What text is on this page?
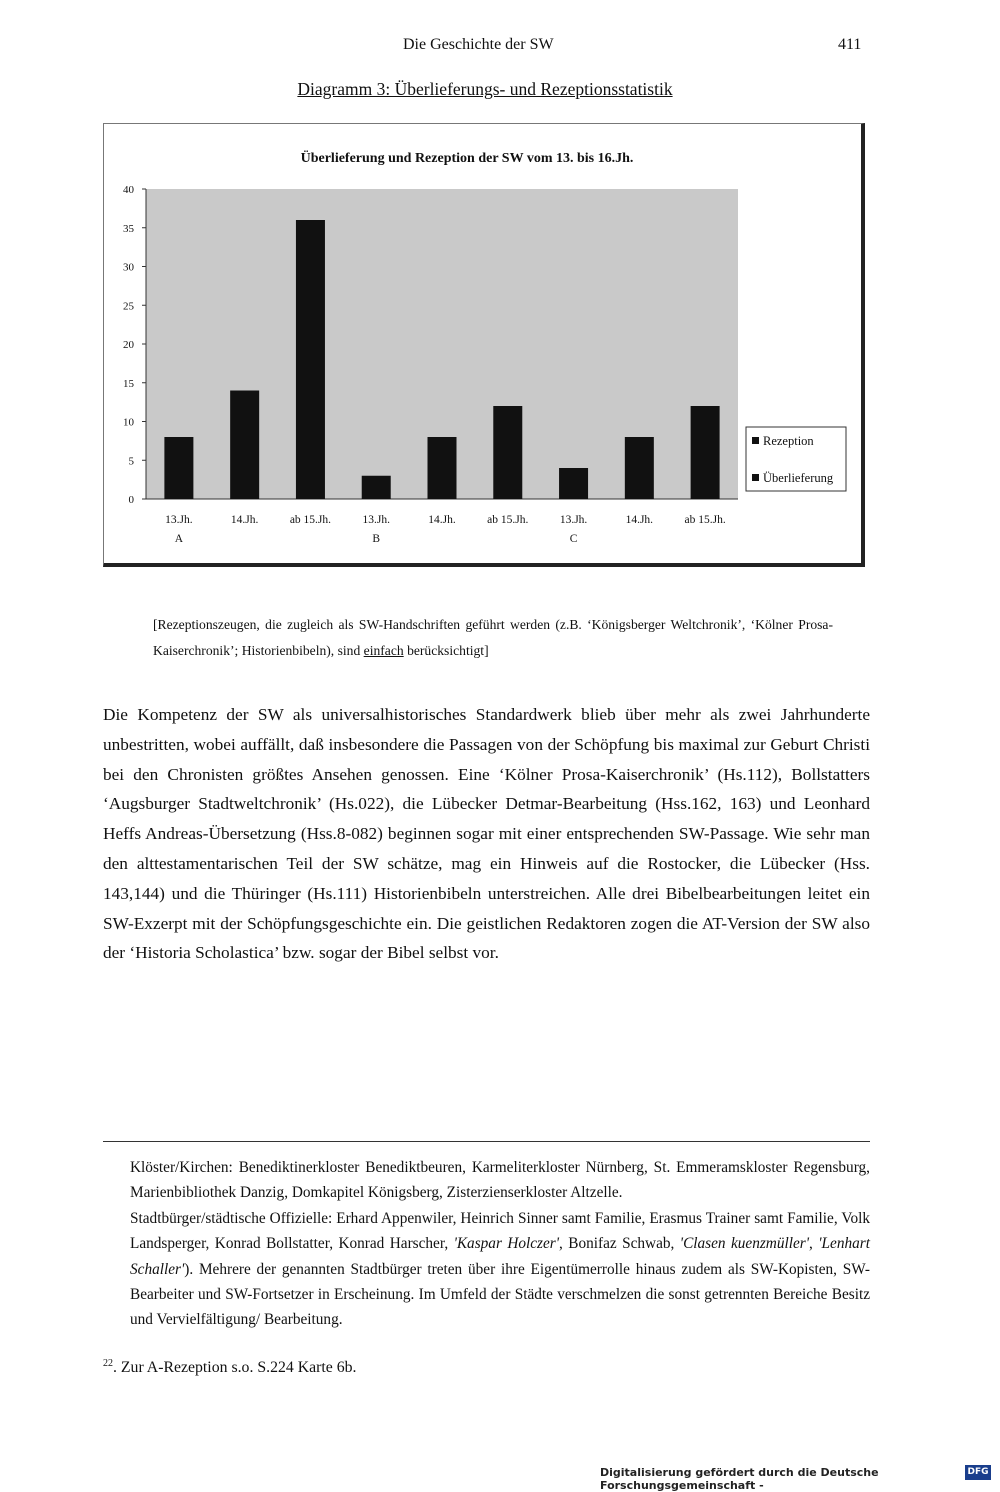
Die Geschichte der SW	411
Diagramm 3: Überlieferungs- und Rezeptionsstatistik
Überlieferung und Rezeption der SW vom 13. bis 16.Jh.
0
5
10
15
20
25
30
35
40
13.Jh.	14.Jh.	ab 15.Jh.	13.Jh.	14.Jh.	ab 15.Jh.	13.Jh.	14.Jh.	ab 15.Jh.
A	B	C
Rezeption
Überlieferung
[Rezeptionszeugen, die zugleich als SW-Handschriften geführt werden (z.B. ‘Königsberger Weltchronik’, ‘Kölner Prosa-Kaiserchronik’; Historienbibeln), sind einfach berücksichtigt]

Die Kompetenz der SW als universalhistorisches Standardwerk blieb über mehr als zwei Jahrhunderte unbestritten, wobei auffällt, daß insbesondere die Passagen von der Schöpfung bis maximal zur Geburt Christi bei den Chronisten größtes Ansehen genossen. Eine ‘Kölner Prosa-Kaiserchronik’ (Hs.112), Bollstatters ‘Augsburger Stadtweltchronik’ (Hs.022), die Lübecker Detmar-Bearbeitung (Hss.162, 163) und Leonhard Heffs Andreas-Übersetzung (Hss.8-082) beginnen sogar mit einer entsprechenden SW-Passage. Wie sehr man den alttestamentarischen Teil der SW schätze, mag ein Hinweis auf die Rostocker, die Lübecker (Hss. 143,144) und die Thüringer (Hs.111) Historienbibeln unterstreichen. Alle drei Bibelbearbeitungen leitet ein SW-Exzerpt mit der Schöpfungsgeschichte ein. Die geistlichen Redaktoren zogen die AT-Version der SW also der ‘Historia Scholastica’ bzw. sogar der Bibel selbst vor.

Klöster/Kirchen: Benediktinerkloster Benediktbeuren, Karmeliterkloster Nürnberg, St. Emmeramskloster Regensburg, Marienbibliothek Danzig, Domkapitel Königsberg, Zisterzienserkloster Altzelle.

Stadtbürger/städtische Offizielle: Erhard Appenwiler, Heinrich Sinner samt Familie, Erasmus Trainer samt Familie, Volk Landsperger, Konrad Bollstatter, Konrad Harscher, 'Kaspar Holczer', Bonifaz Schwab, 'Clasen kuenzmüller', 'Lenhart Schaller'). Mehrere der genannten Stadtbürger treten über ihre Eigentümerrolle hinaus zudem als SW-Kopisten, SW-Bearbeiter und SW-Fortsetzer in Erscheinung. Im Umfeld der Städte verschmelzen die sonst getrennten Bereiche Besitz und Vervielfältigung/ Bearbeitung.

$^{22}$. Zur A-Rezeption s.o. S.224 Karte 6b.
Digitalisierung gefördert durch die Deutsche Forschungsgemeinschaft -
DFG
